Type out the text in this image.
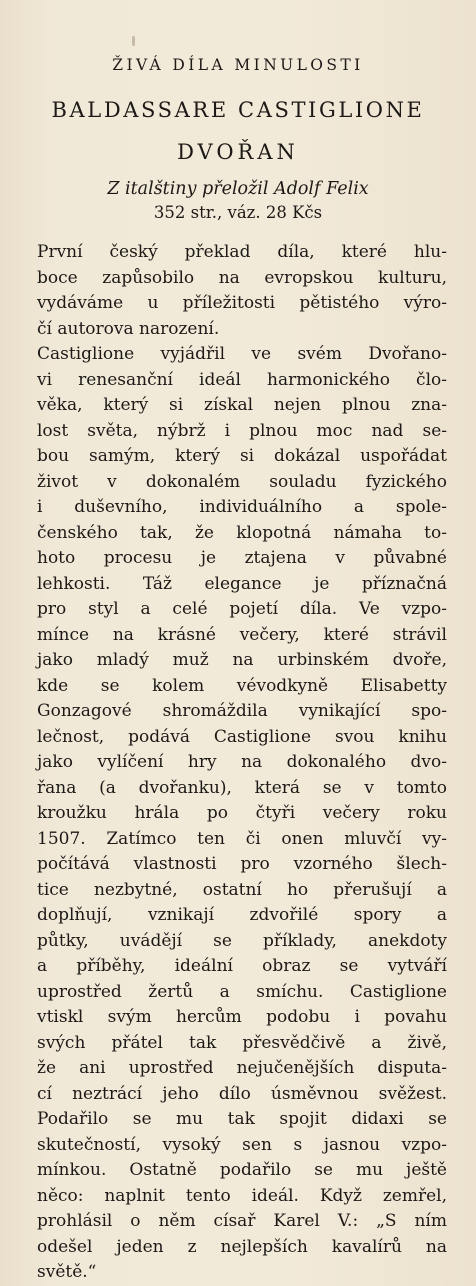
ŽIVÁ DÍLA MINULOSTI
BALDASSARE CASTIGLIONE
DVOŘAN
Z italštiny přeložil Adolf Felix
352 str., váz. 28 Kčs
První český překlad díla, které hlu-
boce zapůsobilo na evropskou kulturu,
vydáváme u příležitosti pětistého výro-
čí autorova narození.
Castiglione vyjádřil ve svém Dvořano-
vi renesanční ideál harmonického člo-
věka, který si získal nejen plnou zna-
lost světa, nýbrž i plnou moc nad se-
bou samým, který si dokázal uspořádat
život v dokonalém souladu fyzického
i duševního, individuálního a spole-
čenského tak, že klopotná námaha to-
hoto procesu je ztajena v půvabné
lehkosti. Táž elegance je příznačná
pro styl a celé pojetí díla. Ve vzpo-
mínce na krásné večery, které strávil
jako mladý muž na urbinském dvoře,
kde se kolem vévodkyně Elisabetty
Gonzagové shromáždila vynikající spo-
lečnost, podává Castiglione svou knihu
jako vylíčení hry na dokonalého dvo-
řana (a dvořanku), která se v tomto
kroužku hrála po čtyři večery roku
1507. Zatímco ten či onen mluvčí vy-
počítává vlastnosti pro vzorného šlech-
tice nezbytné, ostatní ho přerušují a
doplňují, vznikají zdvořilé spory a
půtky, uvádějí se příklady, anekdoty
a příběhy, ideální obraz se vytváří
uprostřed žertů a smíchu. Castiglione
vtiskl svým hercům podobu i povahu
svých přátel tak přesvědčivě a živě,
že ani uprostřed nejučenějších disputa-
cí neztrácí jeho dílo úsměvnou svěžest.
Podařilo se mu tak spojit didaxi se
skutečností, vysoký sen s jasnou vzpo-
mínkou. Ostatně podařilo se mu ještě
něco: naplnit tento ideál. Když zemřel,
prohlásil o něm císař Karel V.: „S ním
odešel jeden z nejlepších kavalírů na
světě.“
